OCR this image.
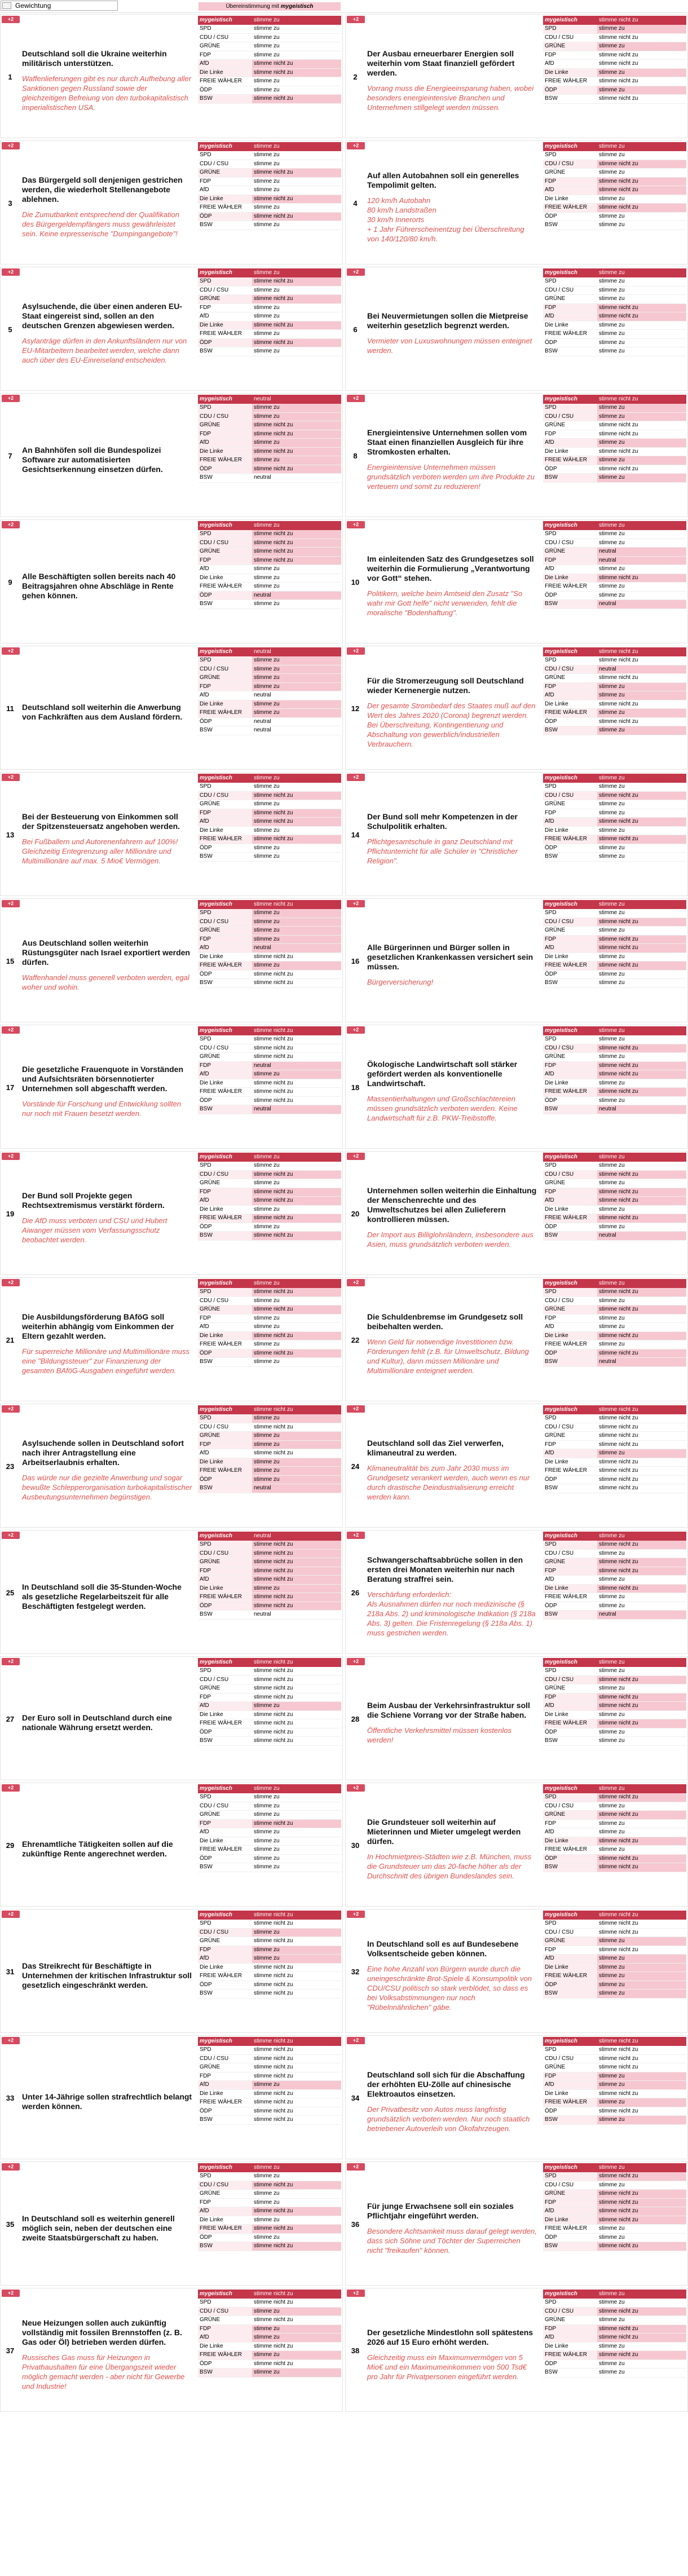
Gewichtung	Übereinstimmung mit mygeistisch
+2
1
Deutschland soll die Ukraine weiterhin militärisch unterstützen.
Waffenlieferungen gibt es nur durch Aufhebung aller Sanktionen gegen Russland sowie der gleichzeitigen Befreiung von den turbokapitalistisch imperialistischen USA.
mygeistisch	stimme zu
SPD	stimme zu
CDU / CSU	stimme zu
GRÜNE	stimme zu
FDP	stimme zu
AfD	stimme nicht zu
Die Linke	stimme nicht zu
FREIE WÄHLER	stimme zu
ÖDP	stimme zu
BSW	stimme nicht zu
+2
2
Der Ausbau erneuerbarer Energien soll weiterhin vom Staat finanziell gefördert werden.
Vorrang muss die Energieeinsparung haben, wobei besonders energieintensive Branchen und Unternehmen stillgelegt werden müssen.
mygeistisch	stimme nicht zu
SPD	stimme zu
CDU / CSU	stimme nicht zu
GRÜNE	stimme zu
FDP	stimme nicht zu
AfD	stimme nicht zu
Die Linke	stimme zu
FREIE WÄHLER	stimme nicht zu
ÖDP	stimme zu
BSW	stimme nicht zu
+2
3
Das Bürgergeld soll denjenigen gestrichen werden, die wiederholt Stellenangebote ablehnen.
Die Zumutbarkeit entsprechend der Qualifikation des Bürgergeldempfängers muss gewährleistet sein. Keine erpresserische "Dumpingangebote"!
mygeistisch	stimme zu
SPD	stimme zu
CDU / CSU	stimme zu
GRÜNE	stimme nicht zu
FDP	stimme zu
AfD	stimme zu
Die Linke	stimme nicht zu
FREIE WÄHLER	stimme zu
ÖDP	stimme nicht zu
BSW	stimme zu
+2
4
Auf allen Autobahnen soll ein generelles Tempolimit gelten.
120 km/h Autobahn
80 km/h Landstraßen
30 km/h Innerorts
+ 1 Jahr Führerscheinentzug bei Überschreitung von 140/120/80 km/h.
mygeistisch	stimme zu
SPD	stimme zu
CDU / CSU	stimme nicht zu
GRÜNE	stimme zu
FDP	stimme nicht zu
AfD	stimme nicht zu
Die Linke	stimme zu
FREIE WÄHLER	stimme nicht zu
ÖDP	stimme zu
BSW	stimme zu
+2
5
Asylsuchende, die über einen anderen EU-Staat eingereist sind, sollen an den deutschen Grenzen abgewiesen werden.
Asylanträge dürfen in den Ankunftsländern nur von EU-Mitarbeitern bearbeitet werden, welche dann auch über des EU-Einreiseland entscheiden.
mygeistisch	stimme zu
SPD	stimme nicht zu
CDU / CSU	stimme zu
GRÜNE	stimme nicht zu
FDP	stimme zu
AfD	stimme zu
Die Linke	stimme nicht zu
FREIE WÄHLER	stimme zu
ÖDP	stimme nicht zu
BSW	stimme zu
+2
6
Bei Neuvermietungen sollen die Mietpreise weiterhin gesetzlich begrenzt werden.
Vermieter von Luxuswohnungen müssen enteignet werden.
mygeistisch	stimme zu
SPD	stimme zu
CDU / CSU	stimme zu
GRÜNE	stimme zu
FDP	stimme nicht zu
AfD	stimme nicht zu
Die Linke	stimme zu
FREIE WÄHLER	stimme zu
ÖDP	stimme zu
BSW	stimme zu
+2
7
An Bahnhöfen soll die Bundespolizei Software zur automatisierten Gesichtserkennung einsetzen dürfen.
mygeistisch	neutral
SPD	stimme zu
CDU / CSU	stimme zu
GRÜNE	stimme nicht zu
FDP	stimme nicht zu
AfD	stimme zu
Die Linke	stimme nicht zu
FREIE WÄHLER	stimme zu
ÖDP	stimme nicht zu
BSW	neutral
+2
8
Energieintensive Unternehmen sollen vom Staat einen finanziellen Ausgleich für ihre Stromkosten erhalten.
Energieintensive Unternehmen müssen grundsätzlich verboten werden um ihre Produkte zu verteuern und somit zu reduzieren!
mygeistisch	stimme nicht zu
SPD	stimme zu
CDU / CSU	stimme zu
GRÜNE	stimme nicht zu
FDP	stimme nicht zu
AfD	stimme zu
Die Linke	stimme nicht zu
FREIE WÄHLER	stimme zu
ÖDP	stimme nicht zu
BSW	stimme zu
+2
9
Alle Beschäftigten sollen bereits nach 40 Beitragsjahren ohne Abschläge in Rente gehen können.
mygeistisch	stimme zu
SPD	stimme nicht zu
CDU / CSU	stimme nicht zu
GRÜNE	stimme nicht zu
FDP	stimme nicht zu
AfD	stimme zu
Die Linke	stimme zu
FREIE WÄHLER	stimme zu
ÖDP	neutral
BSW	stimme zu
+2
10
Im einleitenden Satz des Grundgesetzes soll weiterhin die Formulierung „Verantwortung vor Gott“ stehen.
Politikern, welche beim Amtseid den Zusatz "So wahr mir Gott helfe" nicht verwenden, fehlt die moralische "Bodenhaftung".
mygeistisch	stimme zu
SPD	stimme zu
CDU / CSU	stimme zu
GRÜNE	neutral
FDP	neutral
AfD	stimme zu
Die Linke	stimme nicht zu
FREIE WÄHLER	stimme zu
ÖDP	stimme zu
BSW	neutral
+2
11	Deutschland soll weiterhin die Anwerbung von Fachkräften aus dem Ausland fördern.
mygeistisch	neutral
SPD	stimme zu
CDU / CSU	stimme zu
GRÜNE	stimme zu
FDP	stimme zu
AfD	neutral
Die Linke	stimme zu
FREIE WÄHLER	stimme zu
ÖDP	neutral
BSW	neutral
+2
12
Für die Stromerzeugung soll Deutschland wieder Kernenergie nutzen.
Der gesamte Strombedarf des Staates muß auf den Wert des Jahres 2020 (Corona) begrenzt werden. Bei Überschreitung, Kontingentierung und Abschaltung von gewerblich/industriellen Verbrauchern.
mygeistisch	stimme nicht zu
SPD	stimme nicht zu
CDU / CSU	neutral
GRÜNE	stimme nicht zu
FDP	stimme zu
AfD	stimme zu
Die Linke	stimme nicht zu
FREIE WÄHLER	stimme zu
ÖDP	stimme nicht zu
BSW	stimme zu
+2
13
Bei der Besteuerung von Einkommen soll der Spitzensteuersatz angehoben werden.
Bei Fußballern und Autorenenfahrern auf 100%!
Gleichzeitig Entegrenzung aller Millionäre und Multimillionäre auf max. 5 Mio€ Vermögen.
mygeistisch	stimme zu
SPD	stimme zu
CDU / CSU	stimme nicht zu
GRÜNE	stimme zu
FDP	stimme nicht zu
AfD	stimme nicht zu
Die Linke	stimme zu
FREIE WÄHLER	stimme nicht zu
ÖDP	stimme zu
BSW	stimme zu
+2
14
Der Bund soll mehr Kompetenzen in der Schulpolitik erhalten.
Pflichtgesamtschule in ganz Deutschland mit Pflichtunterricht für alle Schüler in "Christlicher Religion".
mygeistisch	stimme zu
SPD	stimme zu
CDU / CSU	stimme nicht zu
GRÜNE	stimme zu
FDP	stimme zu
AfD	stimme nicht zu
Die Linke	stimme zu
FREIE WÄHLER	stimme nicht zu
ÖDP	stimme zu
BSW	stimme zu
+2
15
Aus Deutschland sollen weiterhin Rüstungsgüter nach Israel exportiert werden dürfen.
Waffenhandel muss generell verboten werden, egal woher und wohin.
mygeistisch	stimme nicht zu
SPD	stimme zu
CDU / CSU	stimme zu
GRÜNE	stimme zu
FDP	stimme zu
AfD	neutral
Die Linke	stimme nicht zu
FREIE WÄHLER	stimme zu
ÖDP	stimme nicht zu
BSW	stimme nicht zu
+2
16
Alle Bürgerinnen und Bürger sollen in gesetzlichen Krankenkassen versichert sein müssen.
Bürgerversicherung!
mygeistisch	stimme zu
SPD	stimme zu
CDU / CSU	stimme nicht zu
GRÜNE	stimme zu
FDP	stimme nicht zu
AfD	stimme nicht zu
Die Linke	stimme zu
FREIE WÄHLER	stimme nicht zu
ÖDP	stimme zu
BSW	stimme zu
+2
17
Die gesetzliche Frauenquote in Vorständen und Aufsichtsräten börsennotierter Unternehmen soll abgeschafft werden.
Vorstände für Forschung und Entwicklung sollten nur noch mit Frauen besetzt werden.
mygeistisch	stimme nicht zu
SPD	stimme nicht zu
CDU / CSU	stimme nicht zu
GRÜNE	stimme nicht zu
FDP	neutral
AfD	stimme zu
Die Linke	stimme nicht zu
FREIE WÄHLER	stimme nicht zu
ÖDP	stimme nicht zu
BSW	neutral
+2
18
Ökologische Landwirtschaft soll stärker gefördert werden als konventionelle Landwirtschaft.
Massentierhaltungen und Großschlachtereien müssen grundsätzlich verboten werden. Keine Landwirtschaft für z.B. PKW-Treibstoffe.
mygeistisch	stimme zu
SPD	stimme zu
CDU / CSU	stimme nicht zu
GRÜNE	stimme zu
FDP	stimme nicht zu
AfD	stimme nicht zu
Die Linke	stimme zu
FREIE WÄHLER	stimme nicht zu
ÖDP	stimme zu
BSW	neutral
+2
19
Der Bund soll Projekte gegen Rechtsextremismus verstärkt fördern.
Die AfD muss verboten und CSU und Hubert Aiwanger müssen vom Verfassungsschutz beobachtet werden.
mygeistisch	stimme zu
SPD	stimme zu
CDU / CSU	stimme nicht zu
GRÜNE	stimme zu
FDP	stimme nicht zu
AfD	stimme nicht zu
Die Linke	stimme zu
FREIE WÄHLER	stimme nicht zu
ÖDP	stimme zu
BSW	stimme nicht zu
+2
20
Unternehmen sollen weiterhin die Einhaltung der Menschenrechte und des Umweltschutzes bei allen Zulieferern kontrollieren müssen.
Der Import aus Billiglohnländern, insbesondere aus Asien, muss grundsätzlich verboten werden.
mygeistisch	stimme zu
SPD	stimme zu
CDU / CSU	stimme nicht zu
GRÜNE	stimme zu
FDP	stimme nicht zu
AfD	stimme nicht zu
Die Linke	stimme zu
FREIE WÄHLER	stimme nicht zu
ÖDP	stimme zu
BSW	neutral
+2
21
Die Ausbildungsförderung BAföG soll weiterhin abhängig vom Einkommen der Eltern gezahlt werden.
Für superreiche Millionäre und Multimillionäre muss eine "Bildungssteuer" zur Finanzierung der gesamten BAföG-Ausgaben eingeführt werden.
mygeistisch	stimme zu
SPD	stimme nicht zu
CDU / CSU	stimme zu
GRÜNE	stimme nicht zu
FDP	stimme zu
AfD	stimme zu
Die Linke	stimme nicht zu
FREIE WÄHLER	stimme zu
ÖDP	stimme nicht zu
BSW	stimme zu
+2
22
Die Schuldenbremse im Grundgesetz soll beibehalten werden.
Wenn Geld für notwendige Investitionen bzw. Förderungen fehlt (z.B. für Umweltschutz, Bildung und Kultur), dann müssen Millionäre und Multimillionäre enteignet werden.
mygeistisch	stimme zu
SPD	stimme nicht zu
CDU / CSU	stimme zu
GRÜNE	stimme nicht zu
FDP	stimme zu
AfD	stimme zu
Die Linke	stimme nicht zu
FREIE WÄHLER	stimme zu
ÖDP	stimme nicht zu
BSW	neutral
+2
23
Asylsuchende sollen in Deutschland sofort nach ihrer Antragstellung eine Arbeitserlaubnis erhalten.
Das würde nur die gezielte Anwerbung und sogar bewußte Schlepperorganisation turbokapitalistischer Ausbeutungsunternehmen begünstigen.
mygeistisch	stimme nicht zu
SPD	stimme zu
CDU / CSU	stimme nicht zu
GRÜNE	stimme zu
FDP	stimme zu
AfD	stimme nicht zu
Die Linke	stimme zu
FREIE WÄHLER	stimme zu
ÖDP	stimme zu
BSW	neutral
+2
24
Deutschland soll das Ziel verwerfen, klimaneutral zu werden.
Klimaneutralität bis zum Jahr 2030 muss im Grundgesetz verankert werden, auch wenn es nur durch drastische Deindustrialisierung erreicht werden kann.
mygeistisch	stimme nicht zu
SPD	stimme nicht zu
CDU / CSU	stimme nicht zu
GRÜNE	stimme nicht zu
FDP	stimme nicht zu
AfD	stimme zu
Die Linke	stimme nicht zu
FREIE WÄHLER	stimme nicht zu
ÖDP	stimme nicht zu
BSW	stimme nicht zu
+2
25
In Deutschland soll die 35-Stunden-Woche als gesetzliche Regelarbeitszeit für alle Beschäftigten festgelegt werden.
mygeistisch	neutral
SPD	stimme nicht zu
CDU / CSU	stimme nicht zu
GRÜNE	stimme nicht zu
FDP	stimme nicht zu
AfD	stimme nicht zu
Die Linke	stimme zu
FREIE WÄHLER	stimme nicht zu
ÖDP	stimme nicht zu
BSW	neutral
+2
26
Schwangerschaftsabbrüche sollen in den ersten drei Monaten weiterhin nur nach Beratung straffrei sein.
Verschärfung erforderlich:
Als Ausnahmen dürfen nur noch medizinische (§ 218a Abs. 2) und kriminologische Indikation (§ 218a Abs. 3) gelten. Die Fristenregelung (§ 218a Abs. 1) muss gestrichen werden.
mygeistisch	stimme zu
SPD	stimme nicht zu
CDU / CSU	stimme zu
GRÜNE	stimme nicht zu
FDP	stimme nicht zu
AfD	stimme zu
Die Linke	stimme nicht zu
FREIE WÄHLER	stimme zu
ÖDP	stimme zu
BSW	neutral
+2
27 Der Euro soll in Deutschland durch eine nationale Währung ersetzt werden.
mygeistisch	stimme nicht zu
SPD	stimme nicht zu
CDU / CSU	stimme nicht zu
GRÜNE	stimme nicht zu
FDP	stimme nicht zu
AfD	stimme zu
Die Linke	stimme nicht zu
FREIE WÄHLER	stimme nicht zu
ÖDP	stimme nicht zu
BSW	stimme nicht zu
+2
28
Beim Ausbau der Verkehrsinfrastruktur soll die Schiene Vorrang vor der Straße haben.
Öffentliche Verkehrsmittel müssen kostenlos werden!
mygeistisch	stimme zu
SPD	stimme zu
CDU / CSU	stimme nicht zu
GRÜNE	stimme zu
FDP	stimme nicht zu
AfD	stimme nicht zu
Die Linke	stimme zu
FREIE WÄHLER	stimme nicht zu
ÖDP	stimme zu
BSW	stimme zu
+2
29 Ehrenamtliche Tätigkeiten sollen auf die zukünftige Rente angerechnet werden.
mygeistisch	stimme zu
SPD	stimme zu
CDU / CSU	stimme zu
GRÜNE	stimme zu
FDP	stimme nicht zu
AfD	stimme zu
Die Linke	stimme zu
FREIE WÄHLER	stimme zu
ÖDP	stimme zu
BSW	stimme zu
+2
30
Die Grundsteuer soll weiterhin auf Mieterinnen und Mieter umgelegt werden dürfen.
In Hochmietpreis-Städten wie z.B. München, muss die Grundsteuer um das 20-fache höher als der Durchschnitt des übrigen Bundeslandes sein.
mygeistisch	stimme zu
SPD	stimme nicht zu
CDU / CSU	stimme zu
GRÜNE	stimme nicht zu
FDP	stimme zu
AfD	stimme zu
Die Linke	stimme nicht zu
FREIE WÄHLER	stimme zu
ÖDP	stimme nicht zu
BSW	stimme nicht zu
+2
31
Das Streikrecht für Beschäftigte in Unternehmen der kritischen Infrastruktur soll gesetzlich eingeschränkt werden.
mygeistisch	stimme nicht zu
SPD	stimme nicht zu
CDU / CSU	stimme zu
GRÜNE	stimme nicht zu
FDP	stimme zu
AfD	stimme zu
Die Linke	stimme nicht zu
FREIE WÄHLER	stimme nicht zu
ÖDP	stimme nicht zu
BSW	stimme nicht zu
+2
32
In Deutschland soll es auf Bundesebene Volksentscheide geben können.
Eine hohe Anzahl von Bürgern wurde durch die uneingeschränkte Brot-Spiele & Konsumpolitik von CDU/CSU politisch so stark verblödet, so dass es bei Volksabstimmungen nur noch "Rübelnnähnlichen" gäbe.
mygeistisch	stimme nicht zu
SPD	stimme nicht zu
CDU / CSU	stimme nicht zu
GRÜNE	stimme zu
FDP	stimme nicht zu
AfD	stimme zu
Die Linke	stimme zu
FREIE WÄHLER	stimme zu
ÖDP	stimme zu
BSW	stimme zu
+2
33 Unter 14-Jährige sollen strafrechtlich belangt werden können.
mygeistisch	stimme nicht zu
SPD	stimme nicht zu
CDU / CSU	stimme nicht zu
GRÜNE	stimme nicht zu
FDP	stimme nicht zu
AfD	stimme zu
Die Linke	stimme nicht zu
FREIE WÄHLER	stimme nicht zu
ÖDP	stimme nicht zu
BSW	stimme nicht zu
+2
34
Deutschland soll sich für die Abschaffung der erhöhten EU-Zölle auf chinesische Elektroautos einsetzen.
Der Privatbesitz von Autos muss langfristig grundsätzlich verboten werden. Nur noch staatlich betriebener Autoverleih von Ökofahrzeugen.
mygeistisch	stimme nicht zu
SPD	stimme nicht zu
CDU / CSU	stimme nicht zu
GRÜNE	stimme nicht zu
FDP	stimme zu
AfD	stimme zu
Die Linke	stimme nicht zu
FREIE WÄHLER	stimme zu
ÖDP	stimme nicht zu
BSW	stimme zu
+2
35
In Deutschland soll es weiterhin generell möglich sein, neben der deutschen eine zweite Staatsbürgerschaft zu haben.
mygeistisch	stimme zu
SPD	stimme zu
CDU / CSU	stimme nicht zu
GRÜNE	stimme zu
FDP	stimme zu
AfD	stimme nicht zu
Die Linke	stimme zu
FREIE WÄHLER	stimme nicht zu
ÖDP	stimme zu
BSW	stimme nicht zu
+2
36
Für junge Erwachsene soll ein soziales Pflichtjahr eingeführt werden.
Besondere Achtsamkeit muss darauf gelegt werden, dass sich Söhne und Töchter der Superreichen nicht "freikaufen" können.
mygeistisch	stimme zu
SPD	stimme nicht zu
CDU / CSU	stimme zu
GRÜNE	stimme nicht zu
FDP	stimme nicht zu
AfD	stimme nicht zu
Die Linke	stimme nicht zu
FREIE WÄHLER	stimme zu
ÖDP	stimme zu
BSW	stimme nicht zu
+2
37
Neue Heizungen sollen auch zukünftig vollständig mit fossilen Brennstoffen (z. B. Gas oder Öl) betrieben werden dürfen.
Russisches Gas muss für Heizungen in Privathaushalten für eine Übergangszeit wieder möglich gemacht werden - aber nicht für Gewerbe und Industrie!
mygeistisch	stimme nicht zu
SPD	stimme nicht zu
CDU / CSU	stimme zu
GRÜNE	stimme nicht zu
FDP	stimme zu
AfD	stimme zu
Die Linke	stimme nicht zu
FREIE WÄHLER	stimme zu
ÖDP	stimme nicht zu
BSW	stimme zu
+2
38
Der gesetzliche Mindestlohn soll spätestens 2026 auf 15 Euro erhöht werden.
Gleichzeitig muss ein Maximumvermögen von 5 Mio€ und ein Maximumeinkommen von 500 Tsd€ pro Jahr für Privatpersonen eingeführt werden.
mygeistisch	stimme zu
SPD	stimme zu
CDU / CSU	stimme nicht zu
GRÜNE	stimme zu
FDP	stimme nicht zu
AfD	stimme nicht zu
Die Linke	stimme zu
FREIE WÄHLER	stimme nicht zu
ÖDP	stimme zu
BSW	stimme zu
